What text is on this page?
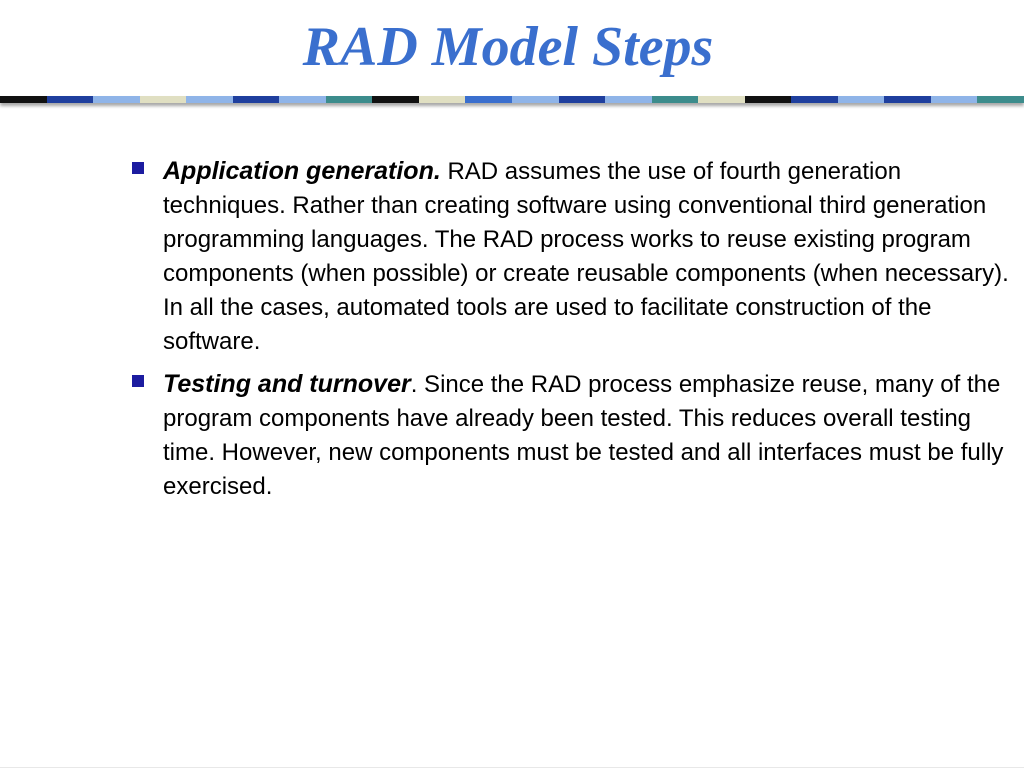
RAD Model Steps
Application generation. RAD assumes the use of fourth generation techniques. Rather than creating software using conventional third generation programming languages. The RAD process works to reuse existing program components (when possible) or create reusable components (when necessary). In all the cases, automated tools are used to facilitate construction of the software.
Testing and turnover. Since the RAD process emphasize reuse, many of the program components have already been tested. This reduces overall testing time. However, new components must be tested and all interfaces must be fully exercised.
